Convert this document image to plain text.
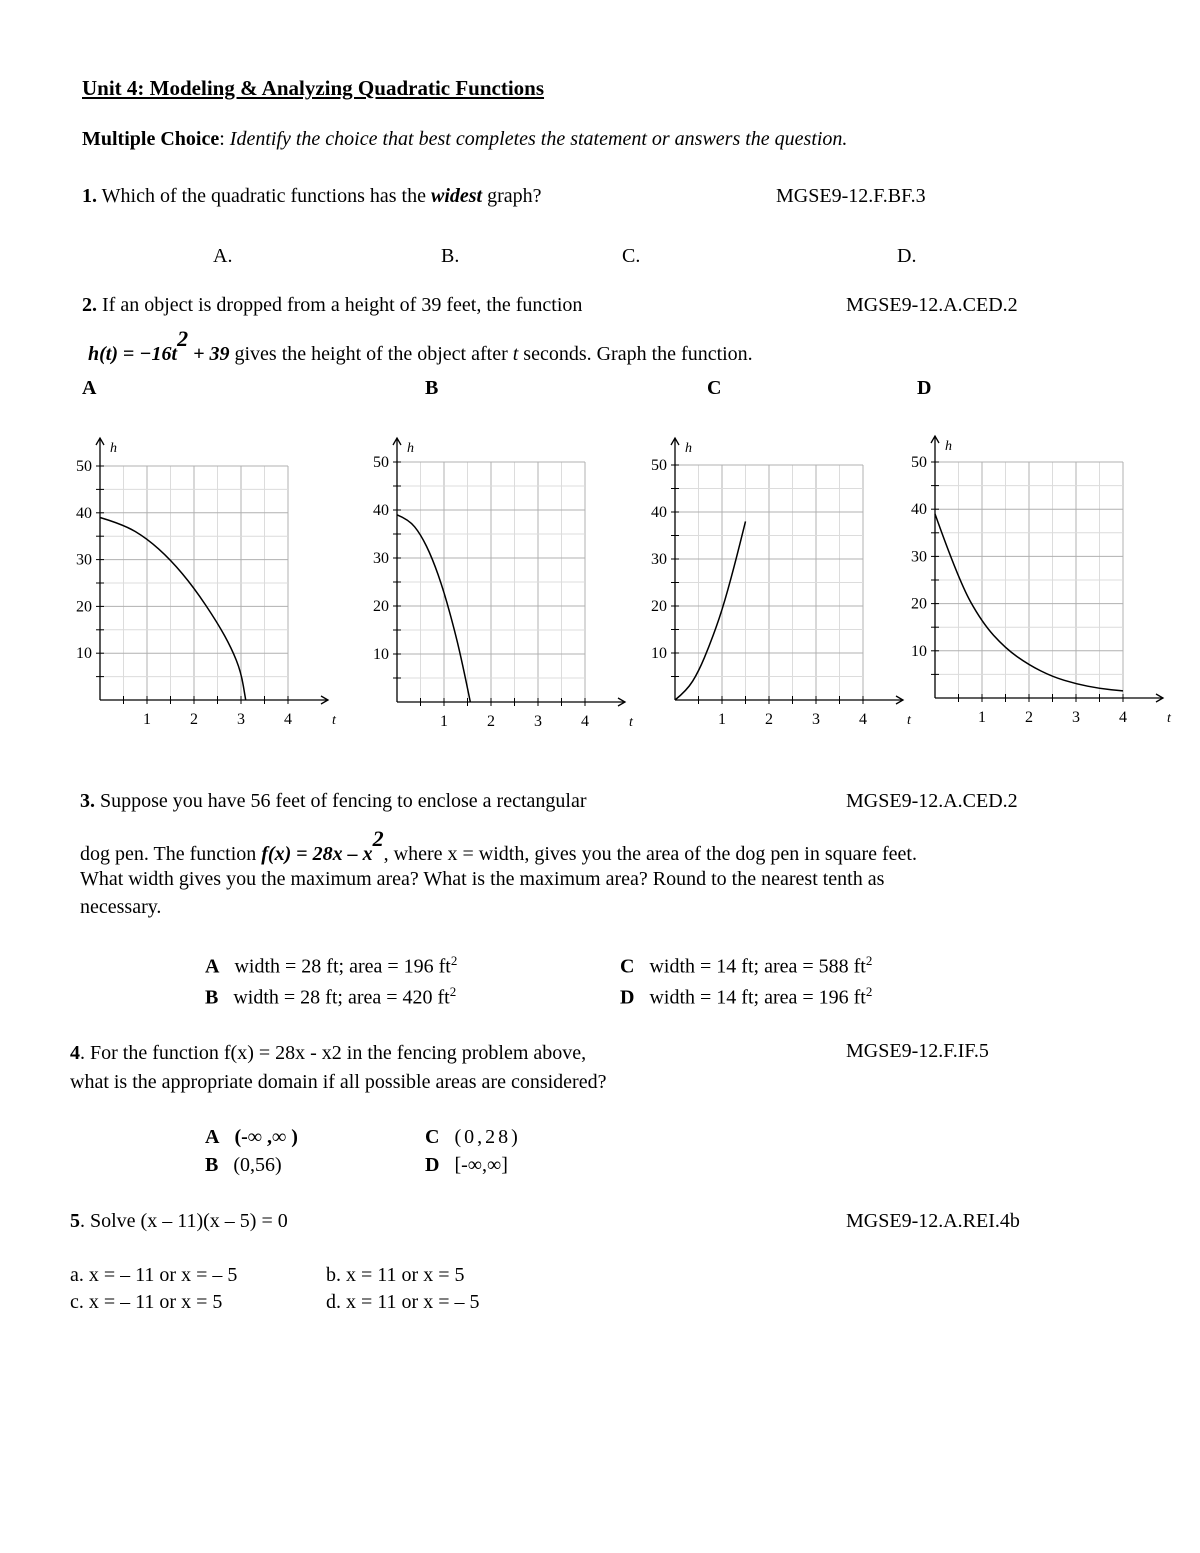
Unit 4: Modeling & Analyzing Quadratic Functions
Multiple Choice: Identify the choice that best completes the statement or answers the question.
1. Which of the quadratic functions has the widest graph?	MGSE9-12.F.BF.3
A.	B.	C.	D.
2. If an object is dropped from a height of 39 feet, the function	MGSE9-12.A.CED.2
h(t) = −16t2 + 39 gives the height of the object after t seconds. Graph the function.
A	B	C	D
10
20
30
40
50
1 2 3 4	t
h
10
20
30
40
50
1 2 3 4	t
h
10
20
30
40
50
1 2 3 4	t
h
10
20
30
40
50
1 2 3 4	t
h
3. Suppose you have 56 feet of fencing to enclose a rectangular	MGSE9-12.A.CED.2
dog pen. The function f(x) = 28x – x2, where x = width, gives you the area of the dog pen in square feet.
What width gives you the maximum area? What is the maximum area? Round to the nearest tenth as
necessary.
A width = 28 ft; area = 196 $ft^2$
B width = 28 ft; area = 420 $ft^2$
C width = 14 ft; area = 588 $ft^2$
D width = 14 ft; area = 196 $ft^2$
4. For the function f(x) = 28x - x2 in the fencing problem above,	MGSE9-12.F.IF.5
what is the appropriate domain if all possible areas are considered?
A (-∞ ,∞ )
B (0,56)
C (0,28)
D [-∞,∞]
5. Solve (x – 11)(x – 5) = 0	MGSE9-12.A.REI.4b
a. x = – 11 or x = – 5	b. x = 11 or x = 5
c. x = – 11 or x = 5	d. x = 11 or x = – 5
